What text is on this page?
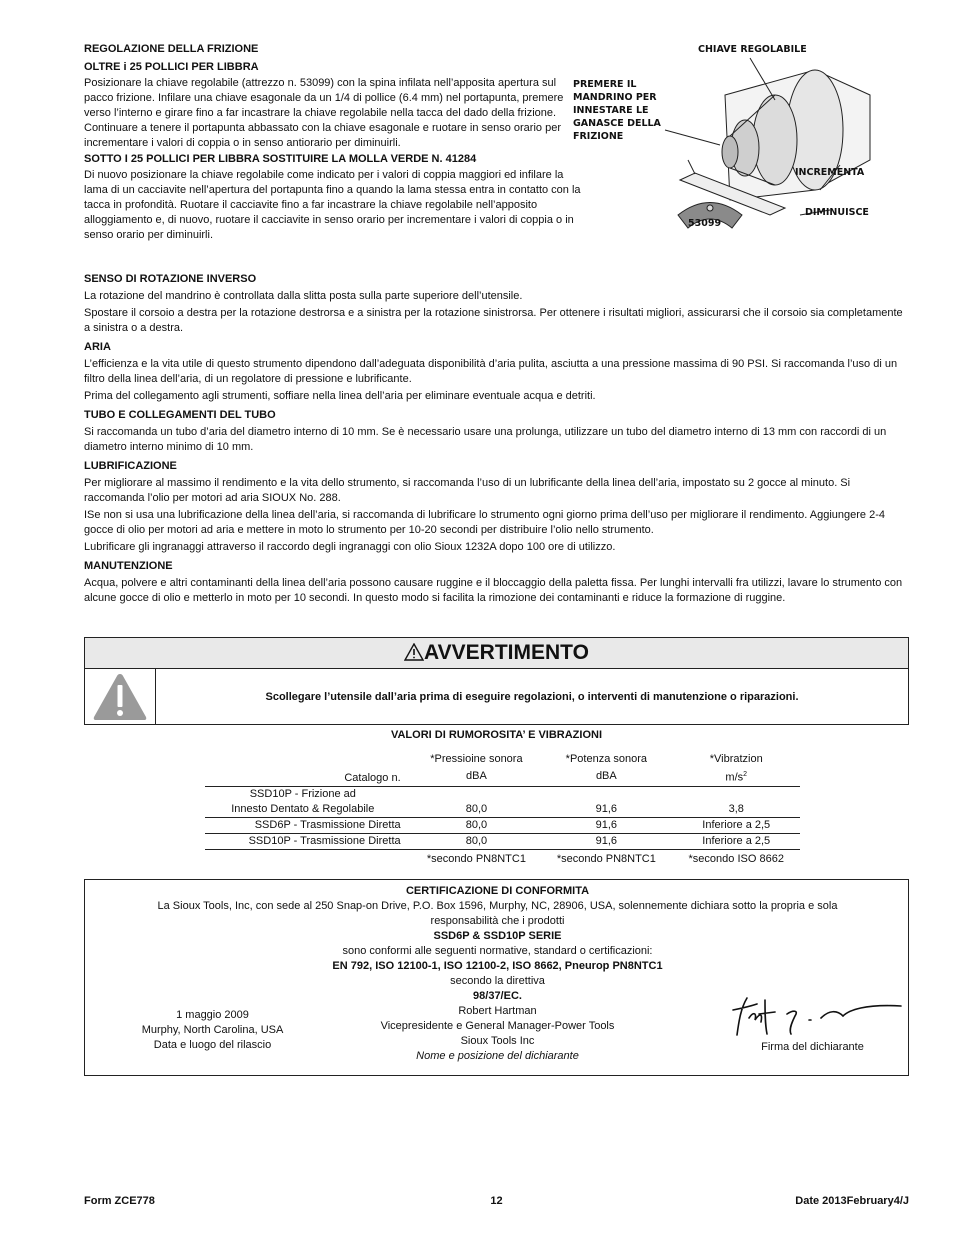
REGOLAZIONE DELLA FRIZIONE
OLTRE i 25 POLLICI PER LIBBRA

Posizionare la chiave regolabile (attrezzo n. 53099) con la spina infilata nell’apposita apertura sul pacco frizione. Infilare una chiave esagonale da un 1/4 di pollice (6.4 mm) nel portapunta, premere verso l’interno e girare fino a far incastrare la chiave regolabile nella tacca del dado della frizione. Continuare a tenere il portapunta abbassato con la chiave esagonale e ruotare in senso orario per incrementare i valori di coppia o in senso antiorario per diminuirli.

SOTTO I 25 POLLICI PER LIBBRA SOSTITUIRE LA MOLLA VERDE N. 41284

Di nuovo posizionare la chiave regolabile come indicato per i valori di coppia maggiori ed infilare la lama di un cacciavite nell’apertura del portapunta fino a quando la lama stessa entra in contatto con la tacca in profondità. Ruotare il cacciavite fino a far incastrare la chiave regolabile nell’apposito alloggiamento e, di nuovo, ruotare il cacciavite in senso orario per incrementare i valori di coppia o in senso orario per diminuirli.

CHIAVE REGOLABILE
PREMERE IL MANDRINO PER INNESTARE LE GANASCE DELLA FRIZIONE
INCREMENTA
DIMINUISCE
53099
SENSO DI ROTAZIONE INVERSO

La rotazione del mandrino è controllata dalla slitta posta sulla parte superiore dell’utensile.

Spostare il corsoio a destra per la rotazione destrorsa e a sinistra per la rotazione sinistrorsa. Per ottenere i risultati migliori, assicurarsi che il corsoio sia completamente a sinistra o a destra.

ARIA

L’efficienza e la vita utile di questo strumento dipendono dall’adeguata disponibilità d’aria pulita, asciutta a una pressione massima di 90 PSI. Si raccomanda l’uso di un filtro della linea dell’aria, di un regolatore di pressione e lubrificante.

Prima del collegamento agli strumenti, soffiare nella linea dell’aria per eliminare eventuale acqua e detriti.

TUBO E COLLEGAMENTI DEL TUBO

Si raccomanda un tubo d’aria del diametro interno di 10 mm. Se è necessario usare una prolunga, utilizzare un tubo del diametro interno di 13 mm con raccordi di un diametro interno minimo di 10 mm.

LUBRIFICAZIONE

Per migliorare al massimo il rendimento e la vita dello strumento, si raccomanda l’uso di un lubrificante della linea dell’aria, impostato su 2 gocce al minuto. Si raccomanda l’olio per motori ad aria SIOUX No. 288.

ISe non si usa una lubrificazione della linea dell’aria, si raccomanda di lubrificare lo strumento ogni giorno prima dell’uso per migliorare il rendimento. Aggiungere 2-4 gocce di olio per motori ad aria e mettere in moto lo strumento per 10-20 secondi per distribuire l’olio nello strumento.

Lubrificare gli ingranaggi attraverso il raccordo degli ingranaggi con olio Sioux 1232A dopo 100 ore di utilizzo.

MANUTENZIONE

Acqua, polvere e altri contaminanti della linea dell’aria possono causare ruggine e il bloccaggio della paletta fissa. Per lunghi intervalli fra utilizzi, lavare lo strumento con alcune gocce di olio e metterlo in moto per 10 secondi. In questo modo si facilita la rimozione dei contaminanti e riduce la formazione di ruggine.

AVVERTIMENTO
Scollegare l’utensile dall’aria prima di eseguire regolazioni, o interventi di manutenzione o riparazioni.
VALORI DI RUMOROSITA’ E VIBRAZIONI
Catalogo n.	*Pressioine sonora	*Potenza sonora	*Vibratzion
	dBA	dBA	$m/s^2$
SSD10P - Frizione ad			
Innesto Dentato & Regolabile	80,0	91,6	3,8
SSD6P - Trasmissione Diretta	80,0	91,6	Inferiore a 2,5
SSD10P - Trasmissione Diretta	80,0	91,6	Inferiore a 2,5
	*secondo PN8NTC1	*secondo PN8NTC1	*secondo ISO 8662
CERTIFICAZIONE DI CONFORMITA
La Sioux Tools, Inc, con sede al 250 Snap-on Drive, P.O. Box 1596, Murphy, NC, 28906, USA, solennemente dichiara sotto la propria e sola
responsabilità che i prodotti
SSD6P & SSD10P SERIE
sono conformi alle seguenti normative, standard o certificazioni:
EN 792, ISO 12100-1, ISO 12100-2, ISO 8662, Pneurop PN8NTC1
secondo la direttiva
98/37/EC.
Robert Hartman
Vicepresidente e General Manager-Power Tools
Sioux Tools Inc
Nome e posizione del dichiarante
1 maggio 2009
Murphy, North Carolina, USA
Data e luogo del rilascio	Firma del dichiarante
Form ZCE778	12	Date 2013February4/J
